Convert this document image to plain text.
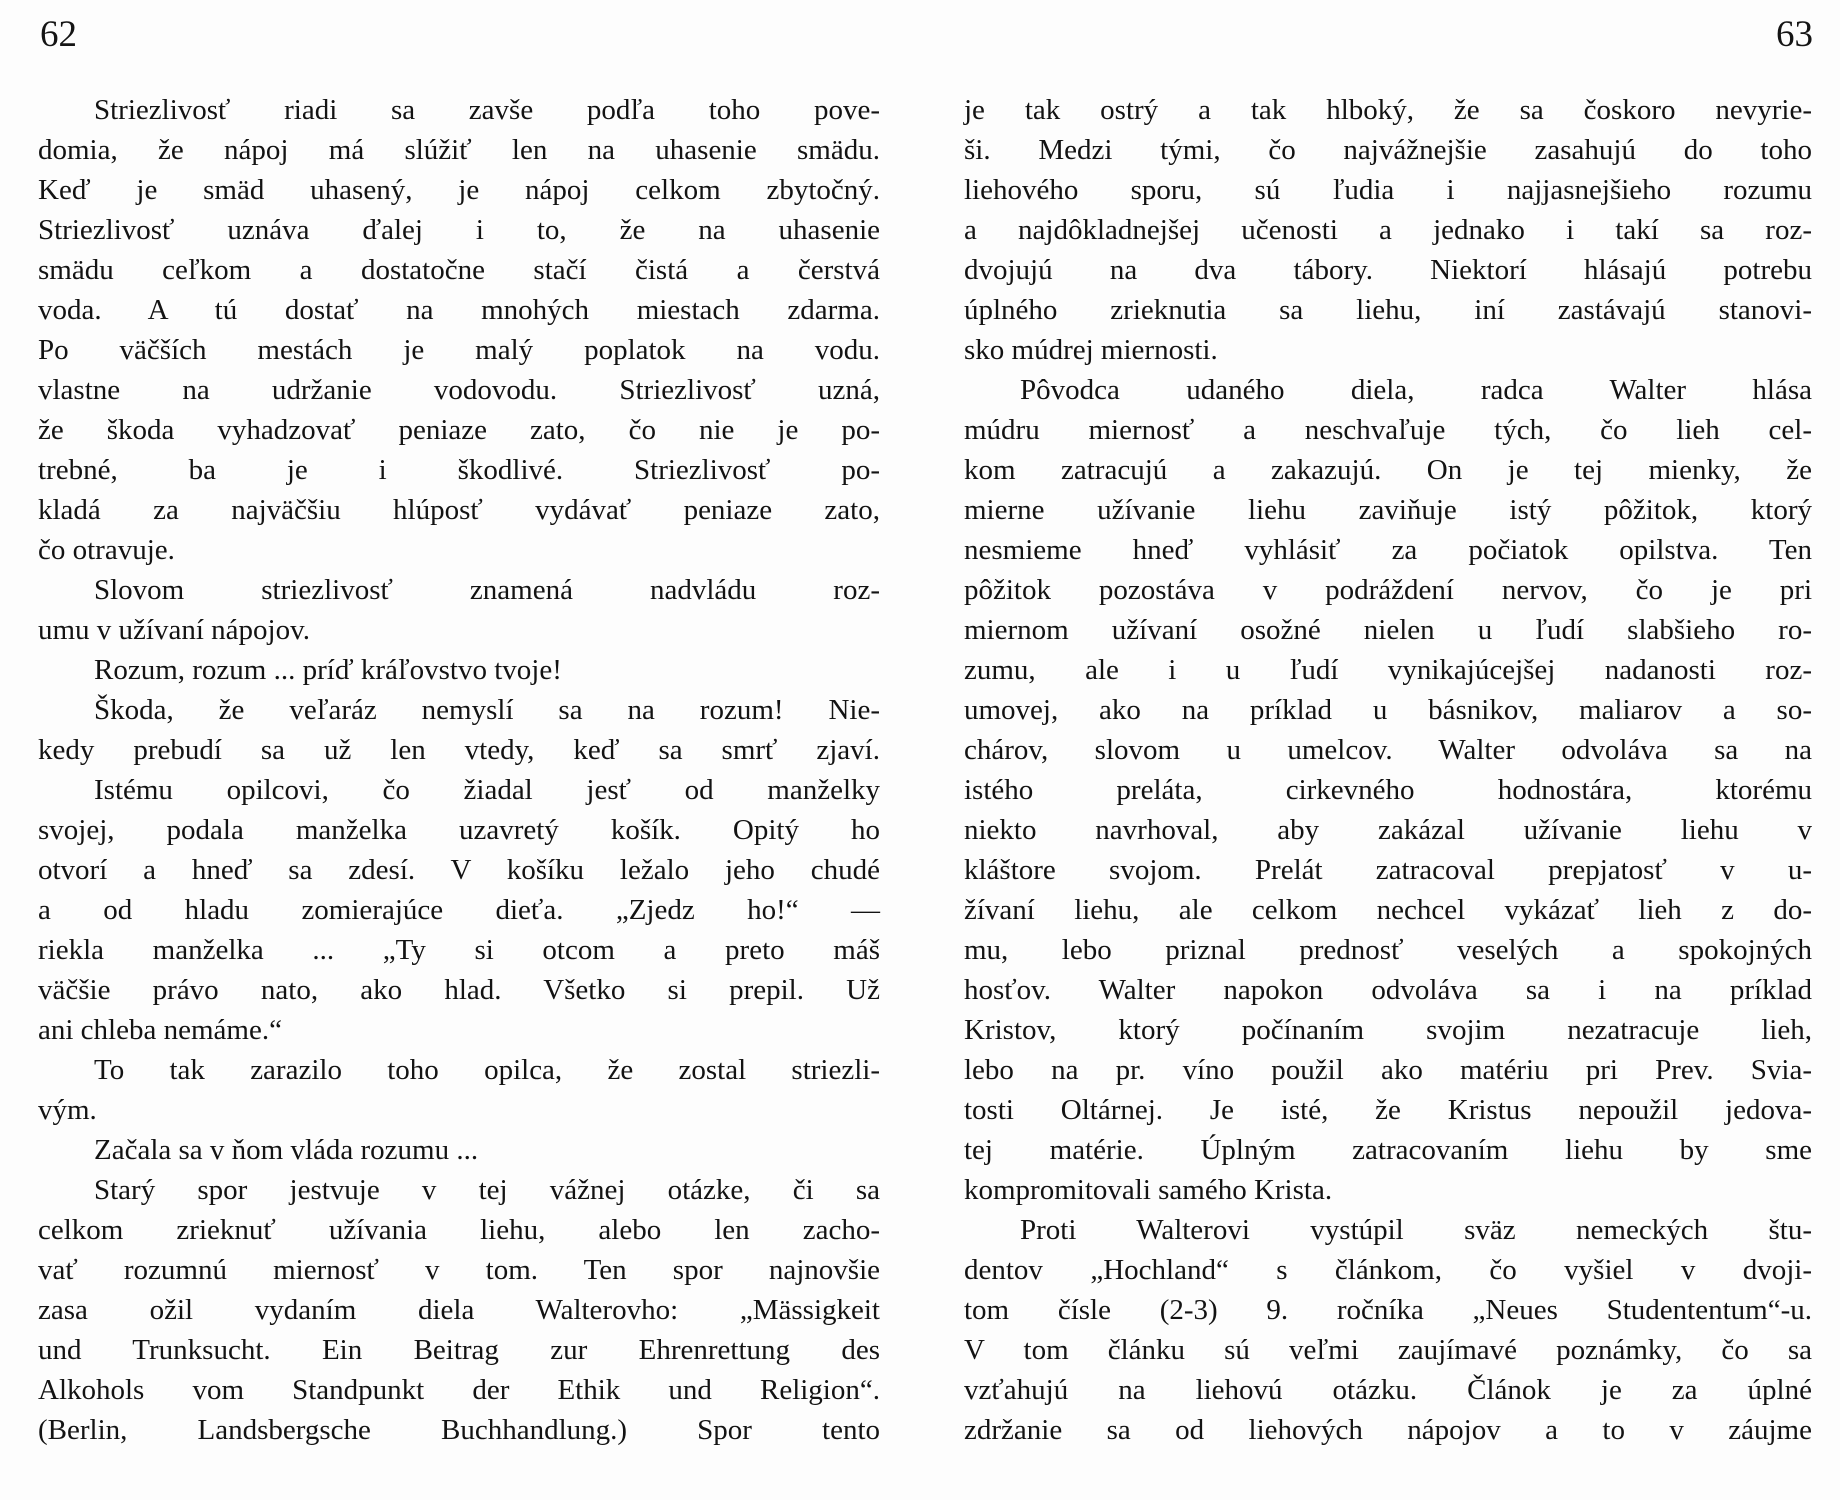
62
Striezlivosť riadi sa zavše podľa toho pove-
domia, že nápoj má slúžiť len na uhasenie smädu.
Keď je smäd uhasený, je nápoj celkom zbytočný.
Striezlivosť uznáva ďalej i to, že na uhasenie
smädu ceľkom a dostatočne stačí čistá a čerstvá
voda. A tú dostať na mnohých miestach zdarma.
Po väčších mestách je malý poplatok na vodu.
vlastne na udržanie vodovodu. Striezlivosť uzná,
že škoda vyhadzovať peniaze zato, čo nie je po-
trebné, ba je i škodlivé. Striezlivosť po-
kladá za najväčšiu hlúposť vydávať peniaze zato,
čo otravuje.
Slovom striezlivosť znamená nadvládu roz-
umu v užívaní nápojov.
Rozum, rozum ... príď kráľovstvo tvoje!
Škoda, že veľaráz nemyslí sa na rozum! Nie-
kedy prebudí sa už len vtedy, keď sa smrť zjaví.
Istému opilcovi, čo žiadal jesť od manželky
svojej, podala manželka uzavretý košík. Opitý ho
otvorí a hneď sa zdesí. V košíku ležalo jeho chudé
a od hladu zomierajúce dieťa. „Zjedz ho!“ —
riekla manželka ... „Ty si otcom a preto máš
väčšie právo nato, ako hlad. Všetko si prepil. Už
ani chleba nemáme.“
To tak zarazilo toho opilca, že zostal striezli-
vým.
Začala sa v ňom vláda rozumu ...
Starý spor jestvuje v tej vážnej otázke, či sa
celkom zrieknuť užívania liehu, alebo len zacho-
vať rozumnú miernosť v tom. Ten spor najnovšie
zasa ožil vydaním diela Walterovho: „Mässigkeit
und Trunksucht. Ein Beitrag zur Ehrenrettung des
Alkohols vom Standpunkt der Ethik und Religion“.
(Berlin, Landsbergsche Buchhandlung.) Spor tento
63
je tak ostrý a tak hlboký, že sa čoskoro nevyrie-
ši. Medzi tými, čo najvážnejšie zasahujú do toho
liehového sporu, sú ľudia i najjasnejšieho rozumu
a najdôkladnejšej učenosti a jednako i takí sa roz-
dvojujú na dva tábory. Niektorí hlásajú potrebu
úplného zrieknutia sa liehu, iní zastávajú stanovi-
sko múdrej miernosti.
Pôvodca udaného diela, radca Walter hlása
múdru miernosť a neschvaľuje tých, čo lieh cel-
kom zatracujú a zakazujú. On je tej mienky, že
mierne užívanie liehu zaviňuje istý pôžitok, ktorý
nesmieme hneď vyhlásiť za počiatok opilstva. Ten
pôžitok pozostáva v podráždení nervov, čo je pri
miernom užívaní osožné nielen u ľudí slabšieho ro-
zumu, ale i u ľudí vynikajúcejšej nadanosti roz-
umovej, ako na príklad u básnikov, maliarov a so-
chárov, slovom u umelcov. Walter odvoláva sa na
istého preláta, cirkevného hodnostára, ktorému
niekto navrhoval, aby zakázal užívanie liehu v
kláštore svojom. Prelát zatracoval prepjatosť v u-
žívaní liehu, ale celkom nechcel vykázať lieh z do-
mu, lebo priznal prednosť veselých a spokojných
hosťov. Walter napokon odvoláva sa i na príklad
Kristov, ktorý počínaním svojim nezatracuje lieh,
lebo na pr. víno použil ako matériu pri Prev. Svia-
tosti Oltárnej. Je isté, že Kristus nepoužil jedova-
tej matérie. Úplným zatracovaním liehu by sme
kompromitovali samého Krista.
Proti Walterovi vystúpil sväz nemeckých štu-
dentov „Hochland“ s článkom, čo vyšiel v dvoji-
tom čísle (2-3) 9. ročníka „Neues Studententum“-u.
V tom článku sú veľmi zaujímavé poznámky, čo sa
vzťahujú na liehovú otázku. Článok je za úplné
zdržanie sa od liehových nápojov a to v záujme
